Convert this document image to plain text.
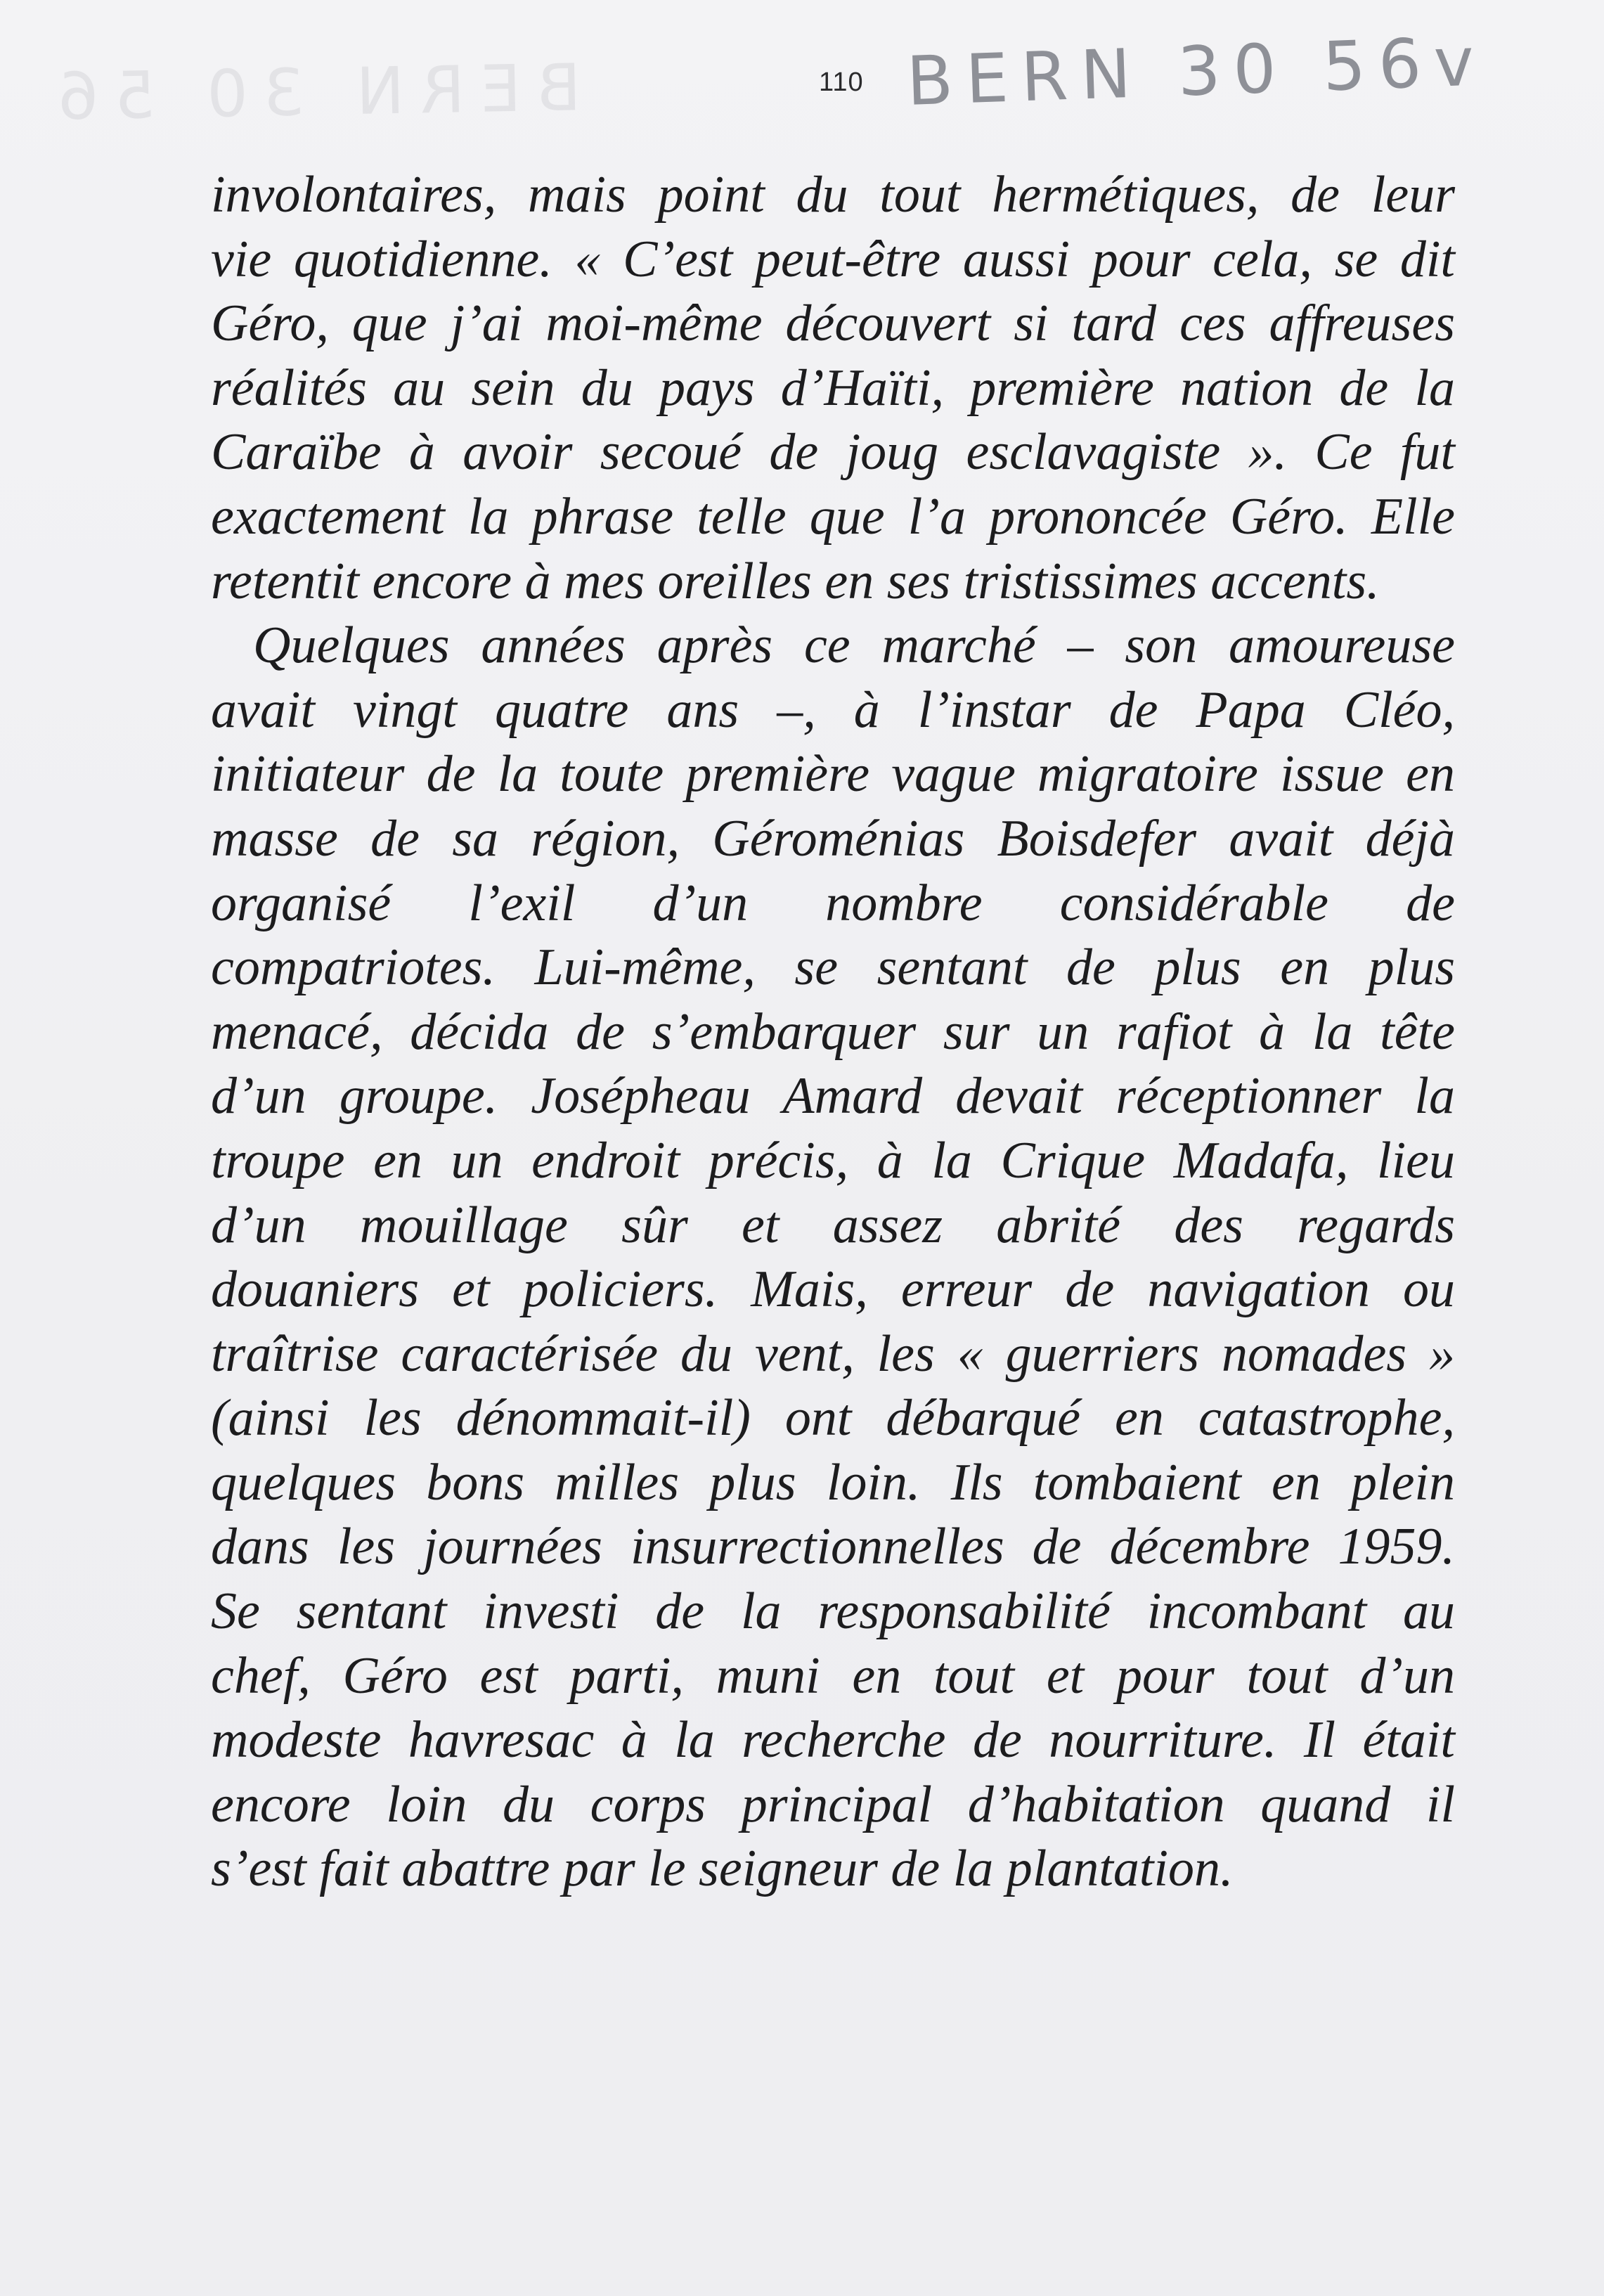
BERN 30 56	110 BERN 30 56v
involontaires, mais point du tout hermétiques, de leur
vie quotidienne. « C’est peut-être aussi pour cela, se dit
Géro, que j’ai moi-même découvert si tard ces affreuses
réalités au sein du pays d’Haïti, première nation de la
Caraïbe à avoir secoué de joug esclavagiste ». Ce fut
exactement la phrase telle que l’a prononcée Géro. Elle
retentit encore à mes oreilles en ses tristissimes accents.
Quelques années après ce marché – son amoureuse
avait vingt quatre ans –, à l’instar de Papa Cléo,
initiateur de la toute première vague migratoire issue en
masse de sa région, Géroménias Boisdefer avait déjà
organisé l’exil d’un nombre considérable de
compatriotes. Lui-même, se sentant de plus en plus
menacé, décida de s’embarquer sur un rafiot à la tête
d’un groupe. Josépheau Amard devait réceptionner la
troupe en un endroit précis, à la Crique Madafa, lieu
d’un mouillage sûr et assez abrité des regards
douaniers et policiers. Mais, erreur de navigation ou
traîtrise caractérisée du vent, les « guerriers nomades »
(ainsi les dénommait-il) ont débarqué en catastrophe,
quelques bons milles plus loin. Ils tombaient en plein
dans les journées insurrectionnelles de décembre 1959.
Se sentant investi de la responsabilité incombant au
chef, Géro est parti, muni en tout et pour tout d’un
modeste havresac à la recherche de nourriture. Il était
encore loin du corps principal d’habitation quand il
s’est fait abattre par le seigneur de la plantation.
